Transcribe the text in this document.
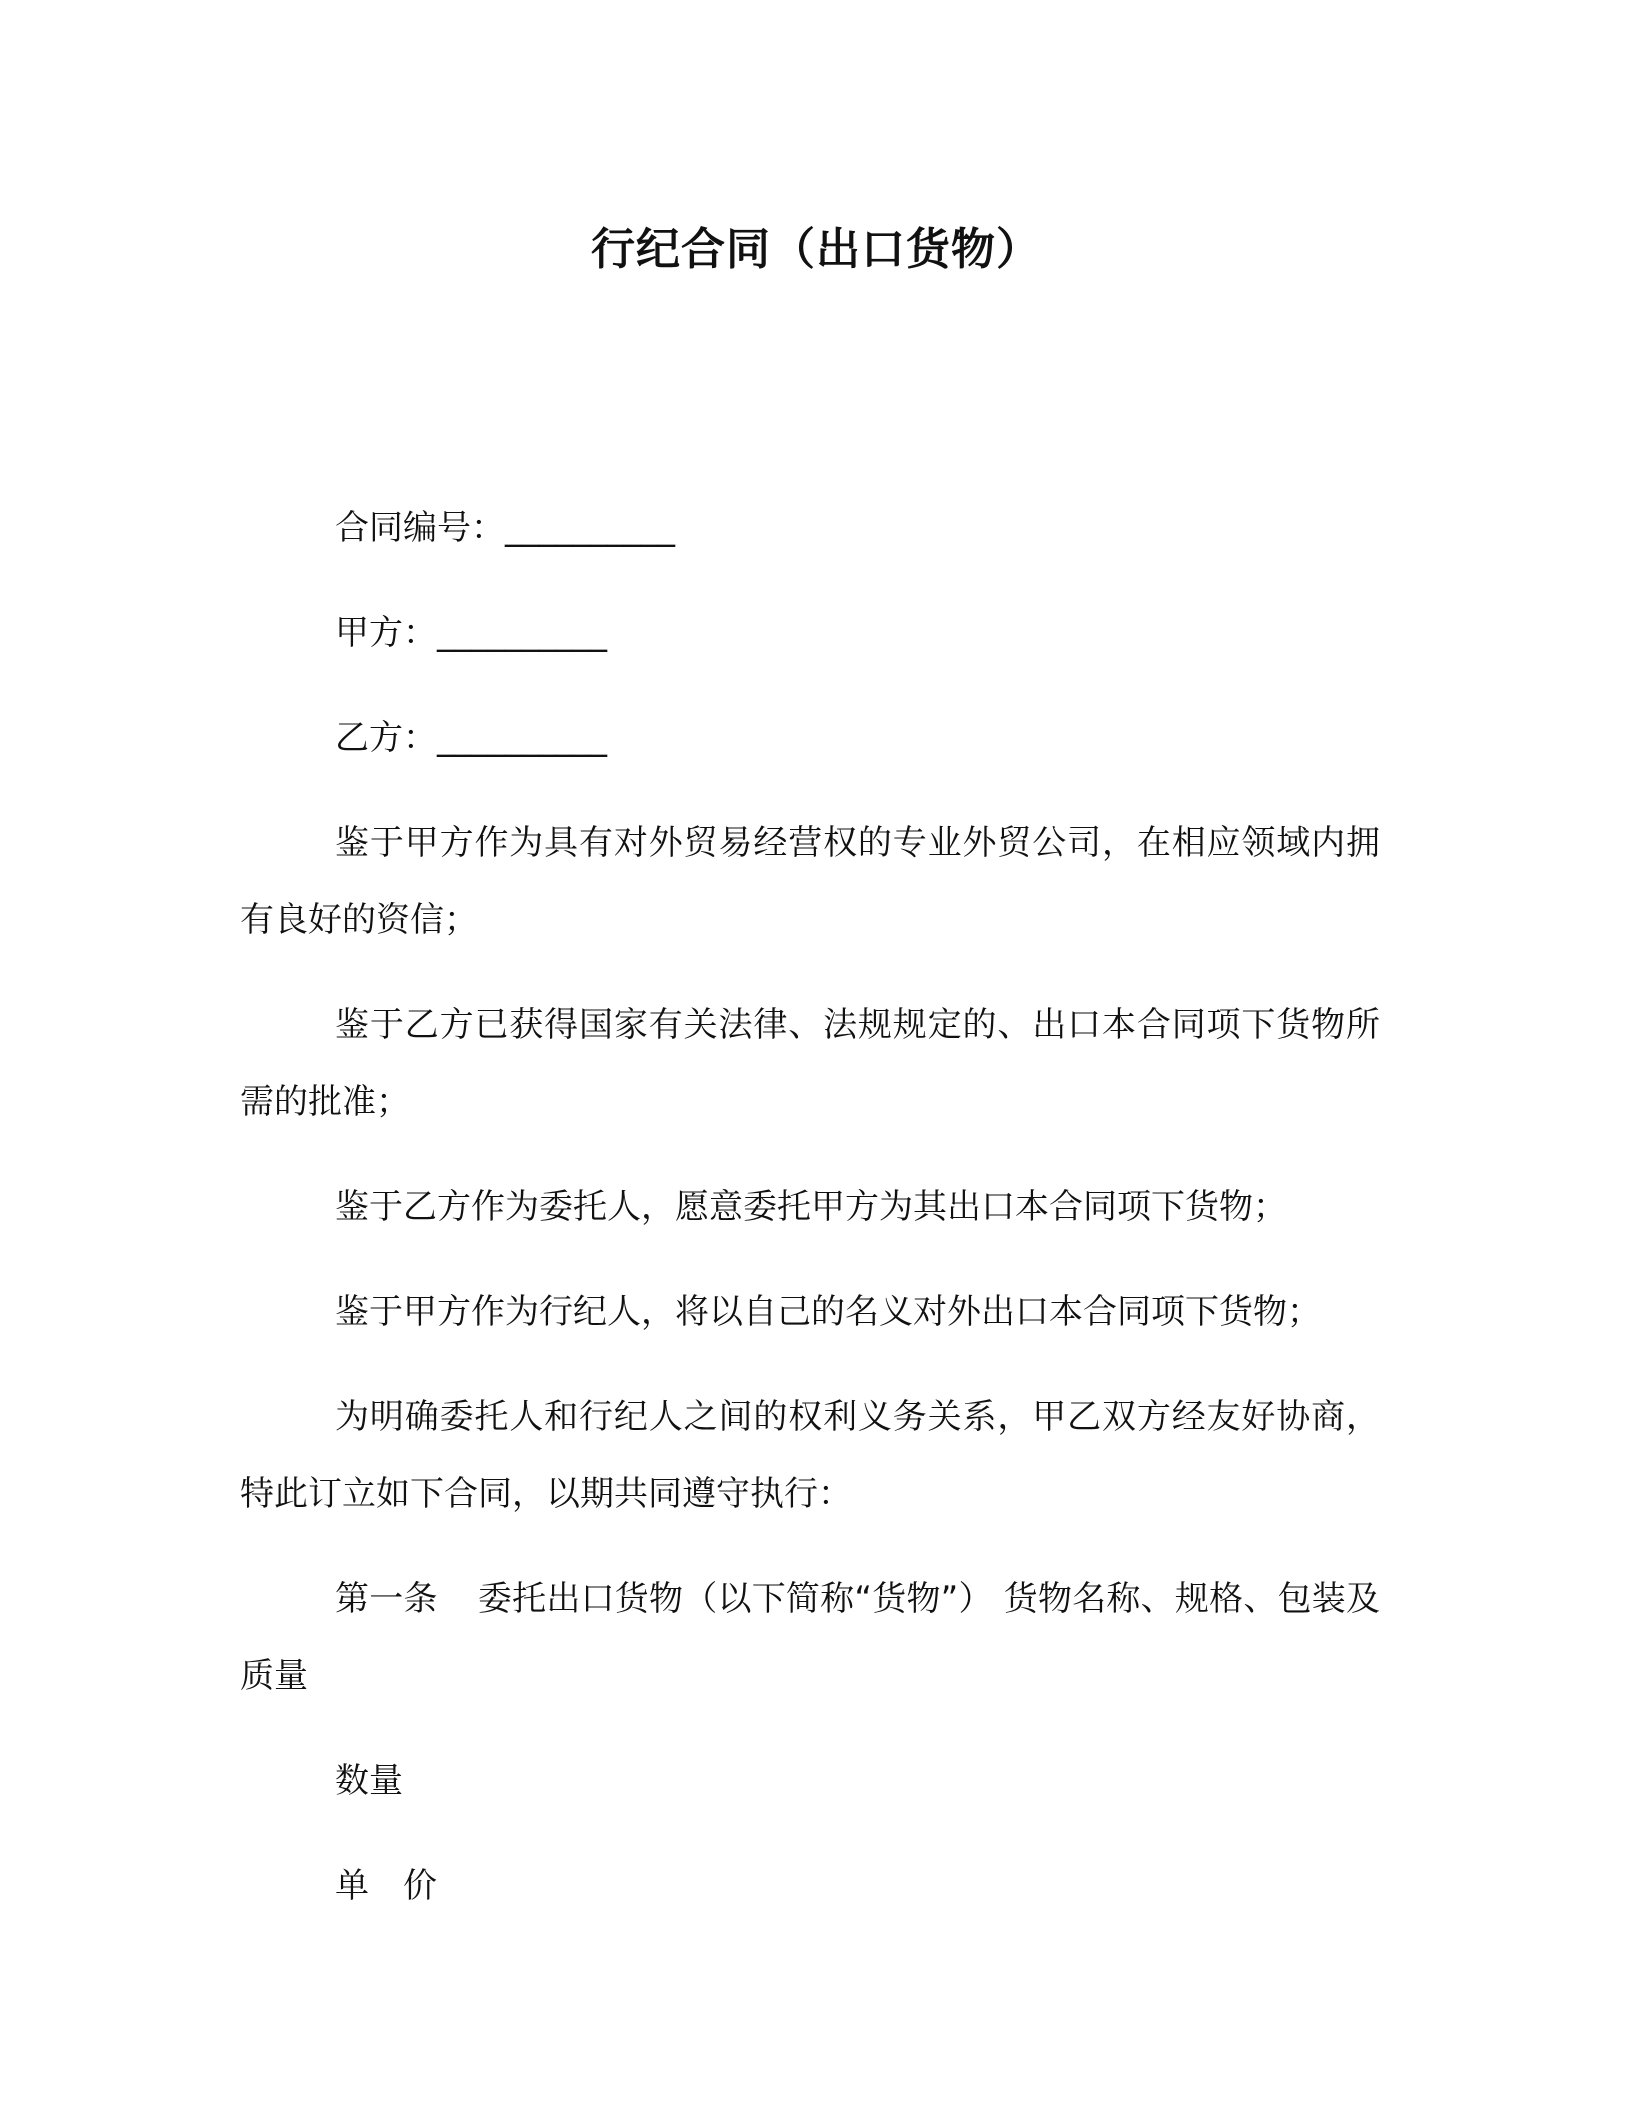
行纪合同（出口货物）
合同编号：__________
甲方：__________
乙方：__________

鉴于甲方作为具有对外贸易经营权的专业外贸公司，在相应领域内拥有良好的资信；

鉴于乙方已获得国家有关法律、法规规定的、出口本合同项下货物所需的批准；

鉴于乙方作为委托人，愿意委托甲方为其出口本合同项下货物；

鉴于甲方作为行纪人，将以自己的名义对外出口本合同项下货物；

为明确委托人和行纪人之间的权利义务关系，甲乙双方经友好协商，特此订立如下合同，以期共同遵守执行：

第一条 委托出口货物（以下简称“货物”） 货物名称、规格、包装及质量

数量

单　价
